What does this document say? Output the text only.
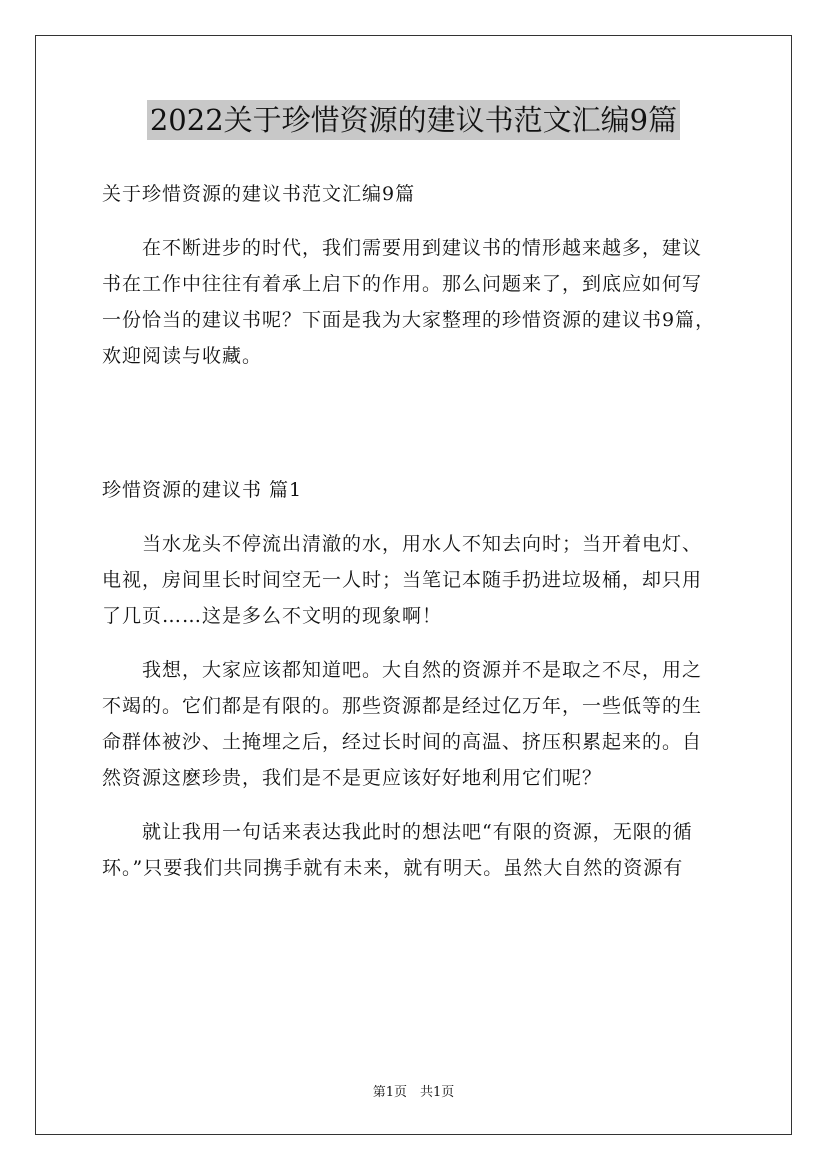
2022关于珍惜资源的建议书范文汇编9篇
关于珍惜资源的建议书范文汇编9篇
　　在不断进步的时代，我们需要用到建议书的情形越来越多，建议
书在工作中往往有着承上启下的作用。那么问题来了，到底应如何写
一份恰当的建议书呢？下面是我为大家整理的珍惜资源的建议书9篇，
欢迎阅读与收藏。
珍惜资源的建议书 篇1
　　当水龙头不停流出清澈的水，用水人不知去向时；当开着电灯、
电视，房间里长时间空无一人时；当笔记本随手扔进垃圾桶，却只用
了几页……这是多么不文明的现象啊！
　　我想，大家应该都知道吧。大自然的资源并不是取之不尽，用之
不竭的。它们都是有限的。那些资源都是经过亿万年，一些低等的生
命群体被沙、土掩埋之后，经过长时间的高温、挤压积累起来的。自
然资源这麽珍贵，我们是不是更应该好好地利用它们呢？
　　就让我用一句话来表达我此时的想法吧“有限的资源，无限的循
环。”只要我们共同携手就有未来，就有明天。虽然大自然的资源有
第1页　共1页
